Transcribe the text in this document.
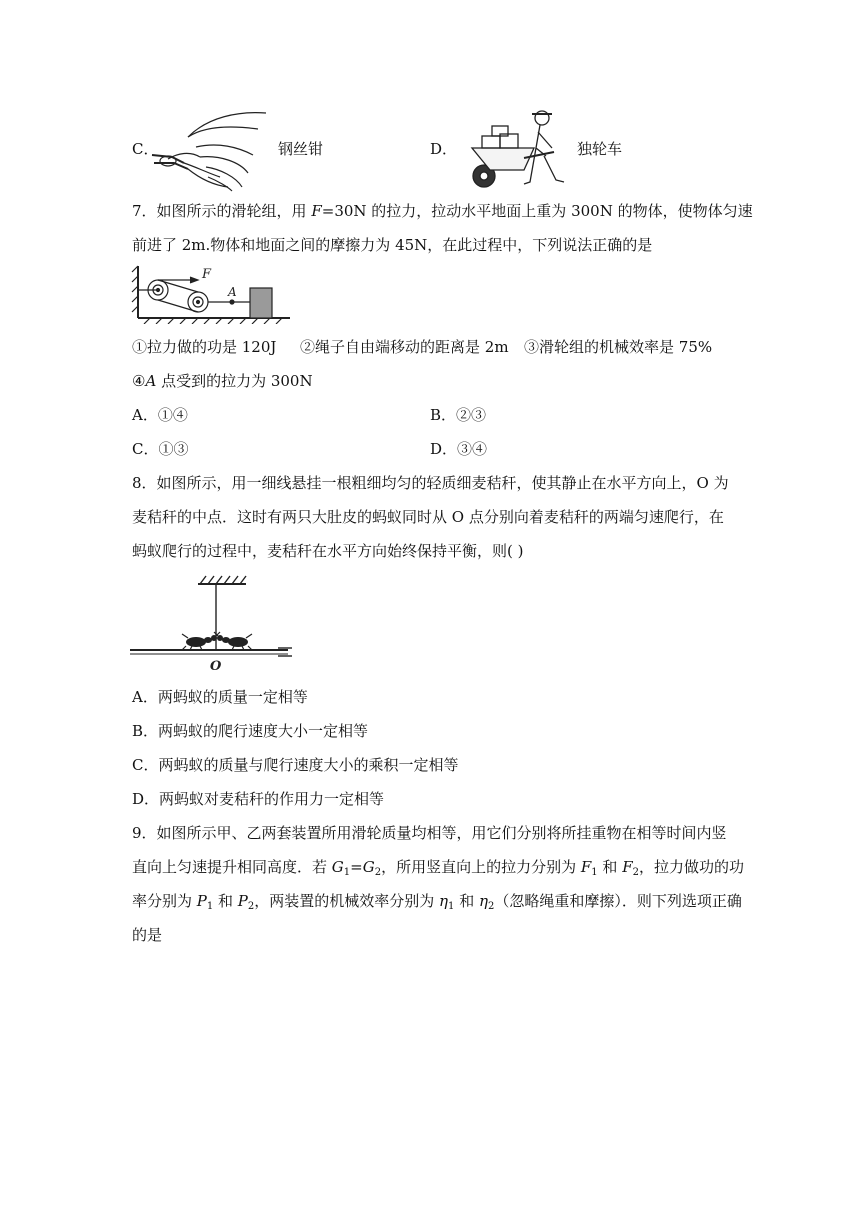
C．	钢丝钳	D．	独轮车
7．如图所示的滑轮组，用 F=30N 的拉力，拉动水平地面上重为 300N 的物体，使物体匀速
前进了 2m.物体和地面之间的摩擦力为 45N，在此过程中，下列说法正确的是
F
A
①拉力做的功是 120J ②绳子自由端移动的距离是 2m ③滑轮组的机械效率是 75%
④A 点受到的拉力为 300N
A．①④	B．②③
C．①③	D．③④
8．如图所示，用一细线悬挂一根粗细均匀的轻质细麦秸秆，使其静止在水平方向上，O 为
麦秸秆的中点．这时有两只大肚皮的蚂蚁同时从 O 点分别向着麦秸秆的两端匀速爬行，在
蚂蚁爬行的过程中，麦秸秆在水平方向始终保持平衡，则( )
O
A．两蚂蚁的质量一定相等
B．两蚂蚁的爬行速度大小一定相等
C．两蚂蚁的质量与爬行速度大小的乘积一定相等
D．两蚂蚁对麦秸秆的作用力一定相等
9．如图所示甲、乙两套装置所用滑轮质量均相等，用它们分别将所挂重物在相等时间内竖
直向上匀速提升相同高度．若 $G_1=G_2$，所用竖直向上的拉力分别为 $F_1$ 和 $F_2$，拉力做功的功
率分别为 $P_1$ 和 $P_2$，两装置的机械效率分别为 $\eta_1$ 和 $\eta_2$（忽略绳重和摩擦）．则下列选项正确
的是
